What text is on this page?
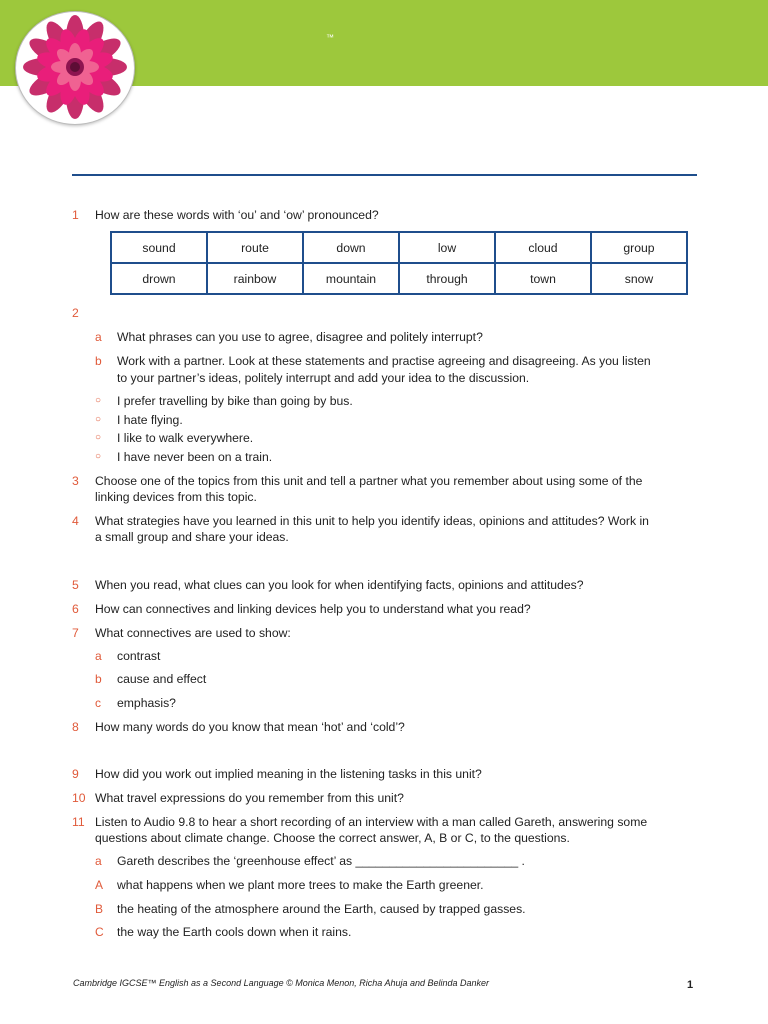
™
1	How are these words with ‘ou’ and ‘ow’ pronounced?
sound	route	down	low	cloud	group
drown	rainbow	mountain	through	town	snow
2
a	What phrases can you use to agree, disagree and politely interrupt?
b	Work with a partner. Look at these statements and practise agreeing and disagreeing. As you listen
to your partner’s ideas, politely interrupt and add your idea to the discussion.
○	I prefer travelling by bike than going by bus.
○	I hate flying.
○	I like to walk everywhere.
○	I have never been on a train.
3	Choose one of the topics from this unit and tell a partner what you remember about using some of the
linking devices from this topic.
4	What strategies have you learned in this unit to help you identify ideas, opinions and attitudes? Work in
a small group and share your ideas.
5	When you read, what clues can you look for when identifying facts, opinions and attitudes?
6	How can connectives and linking devices help you to understand what you read?
7	What connectives are used to show:
a	contrast
b	cause and effect
c	emphasis?
8	How many words do you know that mean ‘hot’ and ‘cold’?
9	How did you work out implied meaning in the listening tasks in this unit?
10 What travel expressions do you remember from this unit?
11 Listen to Audio 9.8 to hear a short recording of an interview with a man called Gareth, answering some
questions about climate change. Choose the correct answer, A, B or C, to the questions.
a	Gareth describes the ‘greenhouse effect’ as ________________________ .
A	what happens when we plant more trees to make the Earth greener.
B	the heating of the atmosphere around the Earth, caused by trapped gasses.
C	the way the Earth cools down when it rains.
Cambridge IGCSE™ English as a Second Language © Monica Menon, Richa Ahuja and Belinda Danker	1
